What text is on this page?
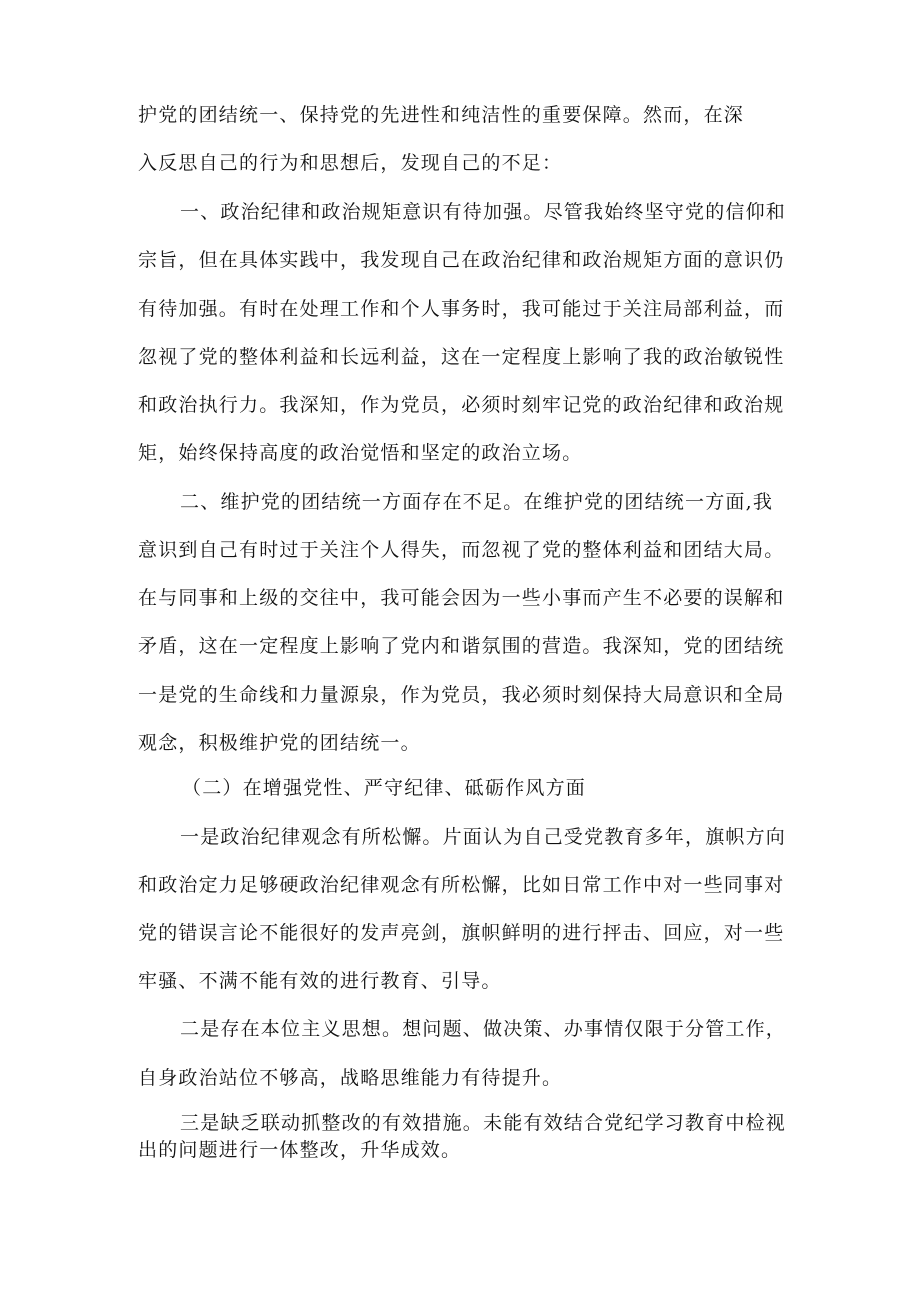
护党的团结统一、保持党的先进性和纯洁性的重要保障。然而，在深
入反思自己的行为和思想后，发现自己的不足：
一、政治纪律和政治规矩意识有待加强。尽管我始终坚守党的信仰和
宗旨，但在具体实践中，我发现自己在政治纪律和政治规矩方面的意识仍
有待加强。有时在处理工作和个人事务时，我可能过于关注局部利益，而
忽视了党的整体利益和长远利益，这在一定程度上影响了我的政治敏锐性
和政治执行力。我深知，作为党员，必须时刻牢记党的政治纪律和政治规
矩，始终保持高度的政治觉悟和坚定的政治立场。
二、维护党的团结统一方面存在不足。在维护党的团结统一方面,我
意识到自己有时过于关注个人得失，而忽视了党的整体利益和团结大局。
在与同事和上级的交往中，我可能会因为一些小事而产生不必要的误解和
矛盾，这在一定程度上影响了党内和谐氛围的营造。我深知，党的团结统
一是党的生命线和力量源泉，作为党员，我必须时刻保持大局意识和全局
观念，积极维护党的团结统一。
（二）在增强党性、严守纪律、砥砺作风方面
一是政治纪律观念有所松懈。片面认为自己受党教育多年，旗帜方向
和政治定力足够硬政治纪律观念有所松懈，比如日常工作中对一些同事对
党的错误言论不能很好的发声亮剑，旗帜鲜明的进行抨击、回应，对一些
牢骚、不满不能有效的进行教育、引导。
二是存在本位主义思想。想问题、做决策、办事情仅限于分管工作，
自身政治站位不够高，战略思维能力有待提升。
三是缺乏联动抓整改的有效措施。未能有效结合党纪学习教育中检视
出的问题进行一体整改，升华成效。
